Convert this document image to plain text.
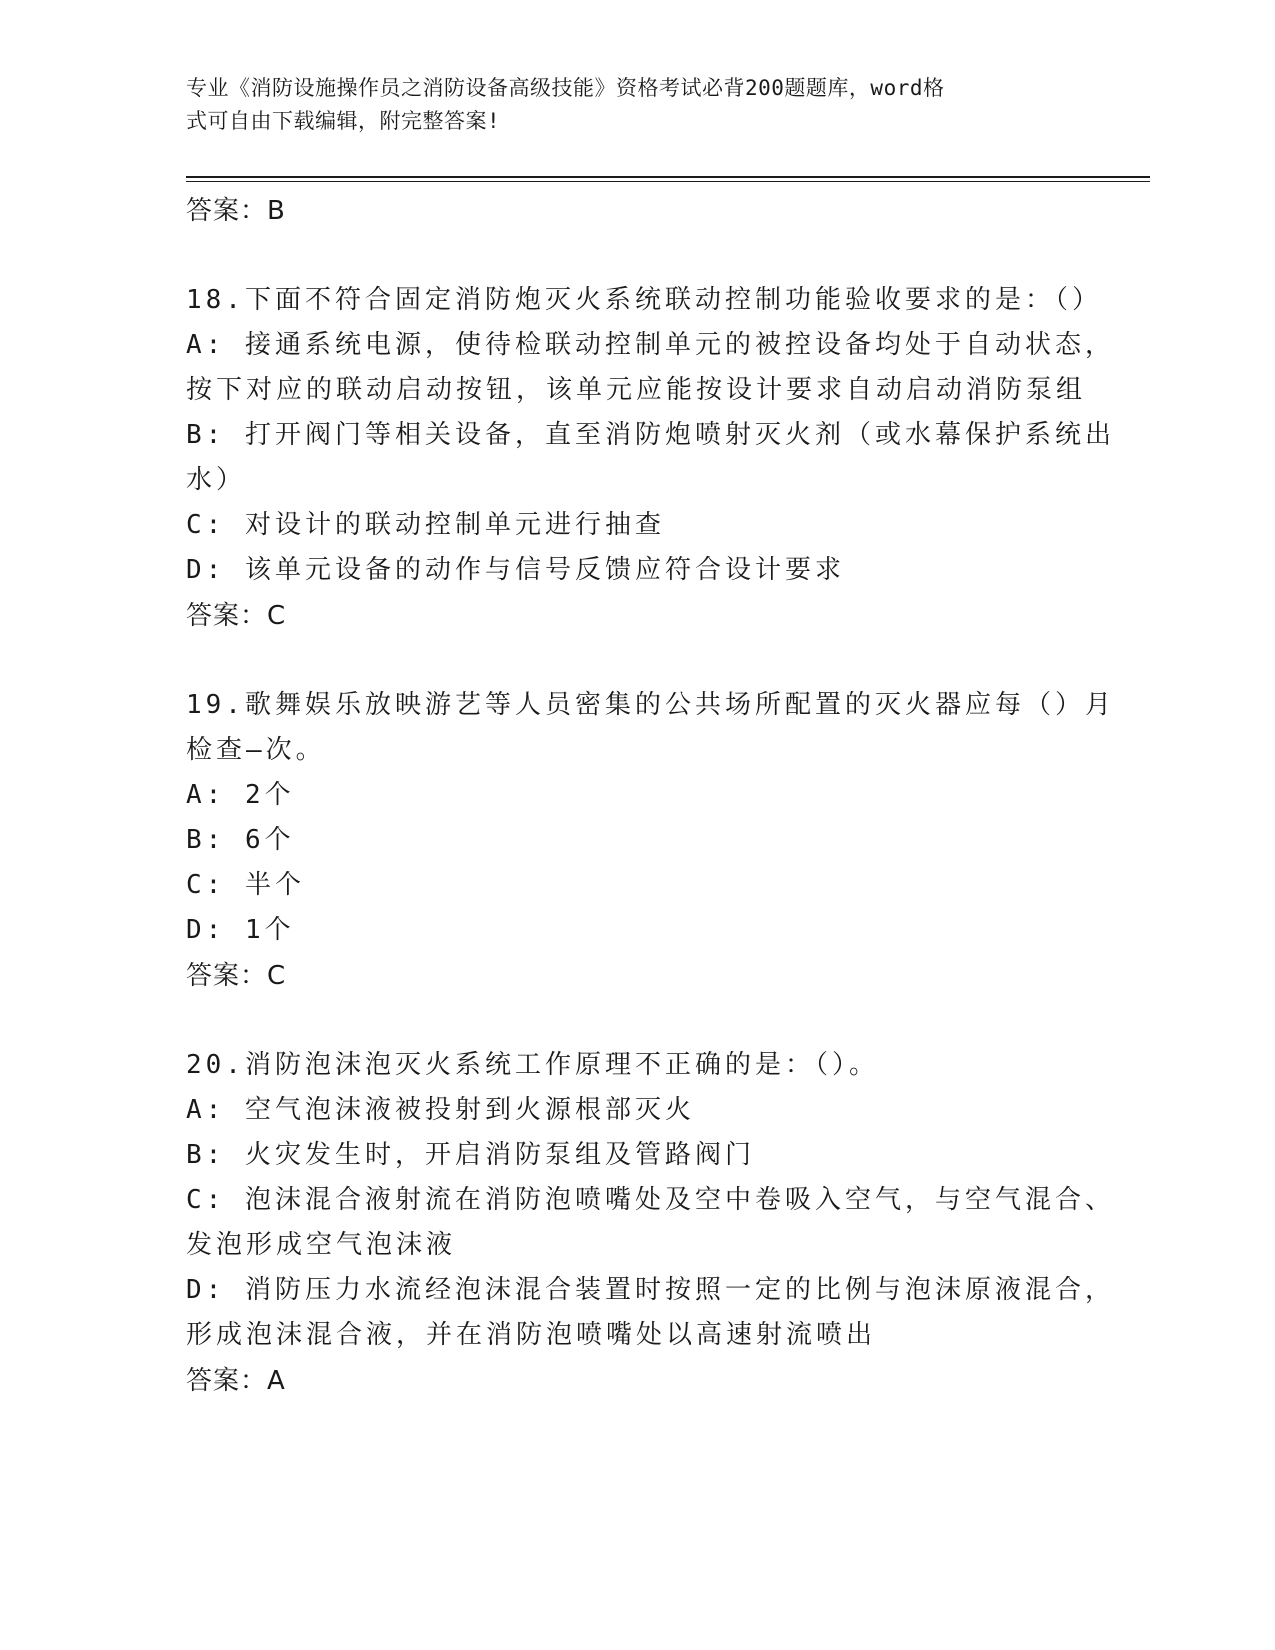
专业《消防设施操作员之消防设备高级技能》资格考试必背200题题库，word格
式可自由下载编辑，附完整答案!
答案：B
18.下面不符合固定消防炮灭火系统联动控制功能验收要求的是：（）
A: 接通系统电源，使待检联动控制单元的被控设备均处于自动状态，
按下对应的联动启动按钮，该单元应能按设计要求自动启动消防泵组
B: 打开阀门等相关设备，直至消防炮喷射灭火剂（或水幕保护系统出
水）
C: 对设计的联动控制单元进行抽查
D: 该单元设备的动作与信号反馈应符合设计要求
答案：C
19.歌舞娱乐放映游艺等人员密集的公共场所配置的灭火器应每（）月
检查—次。
A: 2个
B: 6个
C: 半个
D: 1个
答案：C
20.消防泡沫泡灭火系统工作原理不正确的是：（）。
A: 空气泡沫液被投射到火源根部灭火
B: 火灾发生时，开启消防泵组及管路阀门
C: 泡沫混合液射流在消防泡喷嘴处及空中卷吸入空气，与空气混合、
发泡形成空气泡沫液
D: 消防压力水流经泡沫混合装置时按照一定的比例与泡沫原液混合，
形成泡沫混合液，并在消防泡喷嘴处以高速射流喷出
答案：A
